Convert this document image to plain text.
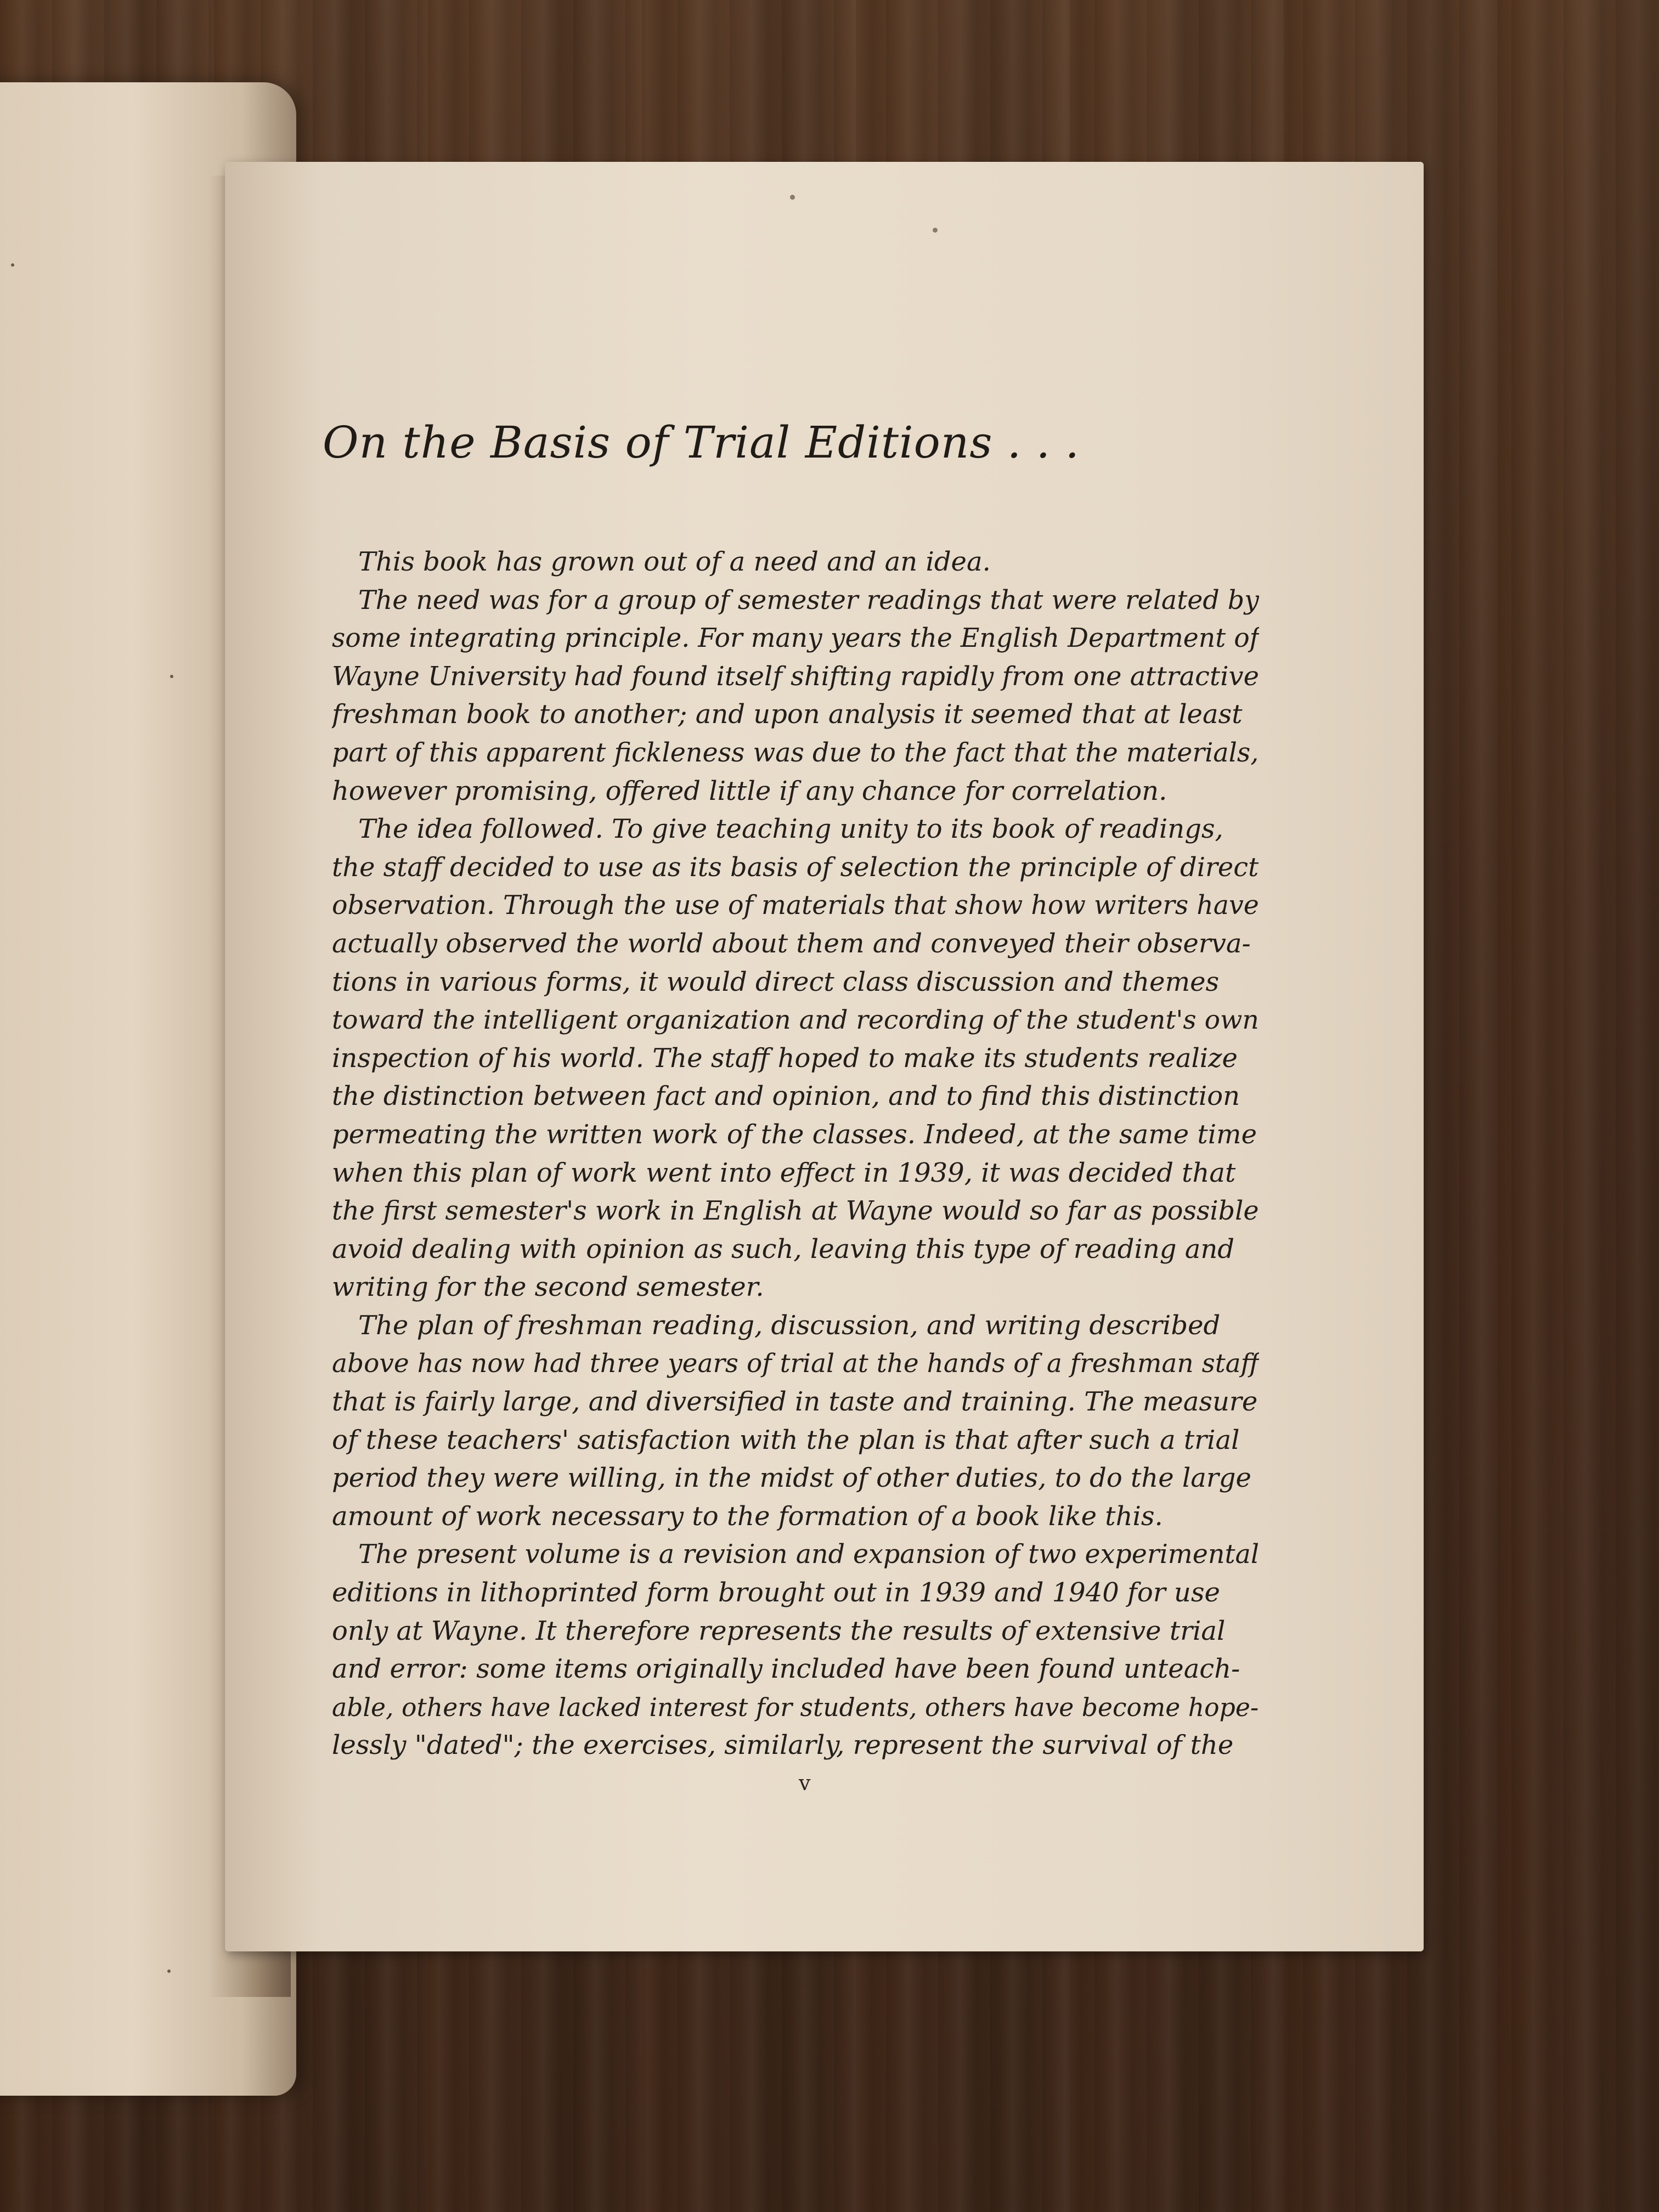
On the Basis of Trial Editions . . .
This book has grown out of a need and an idea.
The need was for a group of semester readings that were related by
some integrating principle. For many years the English Department of
Wayne University had found itself shifting rapidly from one attractive
freshman book to another; and upon analysis it seemed that at least
part of this apparent fickleness was due to the fact that the materials,
however promising, offered little if any chance for correlation.
The idea followed. To give teaching unity to its book of readings,
the staff decided to use as its basis of selection the principle of direct
observation. Through the use of materials that show how writers have
actually observed the world about them and conveyed their observa-
tions in various forms, it would direct class discussion and themes
toward the intelligent organization and recording of the student's own
inspection of his world. The staff hoped to make its students realize
the distinction between fact and opinion, and to find this distinction
permeating the written work of the classes. Indeed, at the same time
when this plan of work went into effect in 1939, it was decided that
the first semester's work in English at Wayne would so far as possible
avoid dealing with opinion as such, leaving this type of reading and
writing for the second semester.
The plan of freshman reading, discussion, and writing described
above has now had three years of trial at the hands of a freshman staff
that is fairly large, and diversified in taste and training. The measure
of these teachers' satisfaction with the plan is that after such a trial
period they were willing, in the midst of other duties, to do the large
amount of work necessary to the formation of a book like this.
The present volume is a revision and expansion of two experimental
editions in lithoprinted form brought out in 1939 and 1940 for use
only at Wayne. It therefore represents the results of extensive trial
and error: some items originally included have been found unteach-
able, others have lacked interest for students, others have become hope-
lessly "dated"; the exercises, similarly, represent the survival of the
v
